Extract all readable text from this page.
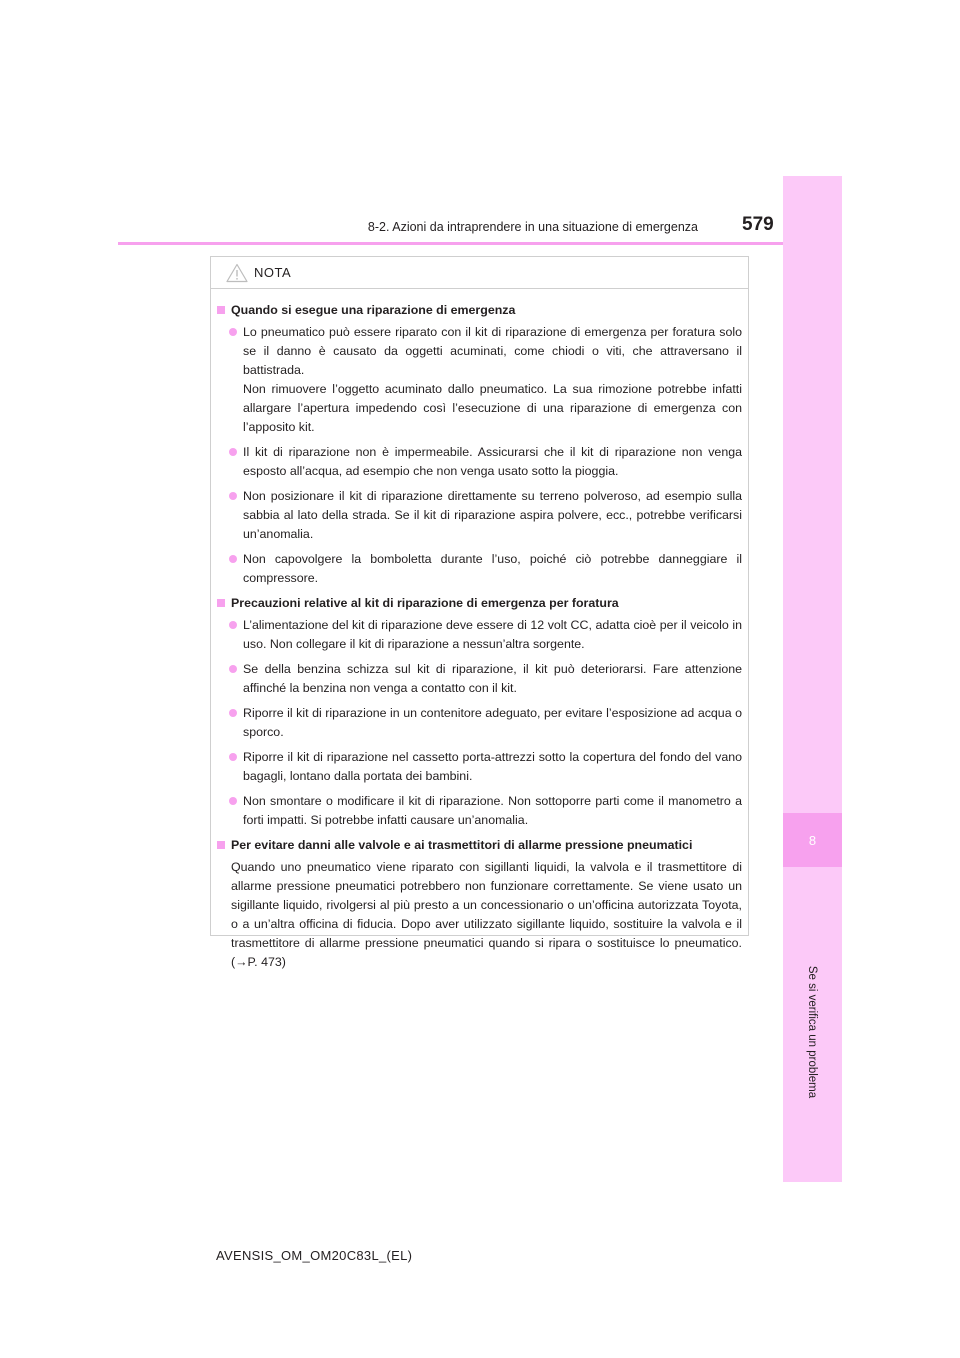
8
Se si verifica un problema
8-2. Azioni da intraprendere in una situazione di emergenza 579
NOTA
Quando si esegue una riparazione di emergenza

Lo pneumatico può essere riparato con il kit di riparazione di emergenza per foratura solo se il danno è causato da oggetti acuminati, come chiodi o viti, che attraversano il battistrada.

Non rimuovere l’oggetto acuminato dallo pneumatico. La sua rimozione potrebbe infatti allargare l’apertura impedendo così l’esecuzione di una riparazione di emergenza con l’apposito kit.

Il kit di riparazione non è impermeabile. Assicurarsi che il kit di riparazione non venga esposto all’acqua, ad esempio che non venga usato sotto la pioggia.

Non posizionare il kit di riparazione direttamente su terreno polveroso, ad esempio sulla sabbia al lato della strada. Se il kit di riparazione aspira polvere, ecc., potrebbe verificarsi un’anomalia.

Non capovolgere la bomboletta durante l’uso, poiché ciò potrebbe danneggiare il compressore.

Precauzioni relative al kit di riparazione di emergenza per foratura

L’alimentazione del kit di riparazione deve essere di 12 volt CC, adatta cioè per il veicolo in uso. Non collegare il kit di riparazione a nessun’altra sorgente.

Se della benzina schizza sul kit di riparazione, il kit può deteriorarsi. Fare attenzione affinché la benzina non venga a contatto con il kit.

Riporre il kit di riparazione in un contenitore adeguato, per evitare l’esposizione ad acqua o sporco.

Riporre il kit di riparazione nel cassetto porta-attrezzi sotto la copertura del fondo del vano bagagli, lontano dalla portata dei bambini.

Non smontare o modificare il kit di riparazione. Non sottoporre parti come il manometro a forti impatti. Si potrebbe infatti causare un’anomalia.

Per evitare danni alle valvole e ai trasmettitori di allarme pressione pneumatici

Quando uno pneumatico viene riparato con sigillanti liquidi, la valvola e il trasmettitore di allarme pressione pneumatici potrebbero non funzionare correttamente. Se viene usato un sigillante liquido, rivolgersi al più presto a un concessionario o un’officina autorizzata Toyota, o a un’altra officina di fiducia. Dopo aver utilizzato sigillante liquido, sostituire la valvola e il trasmettitore di allarme pressione pneumatici quando si ripara o sostituisce lo pneumatico. (→P. 473)

AVENSIS_OM_OM20C83L_(EL)
